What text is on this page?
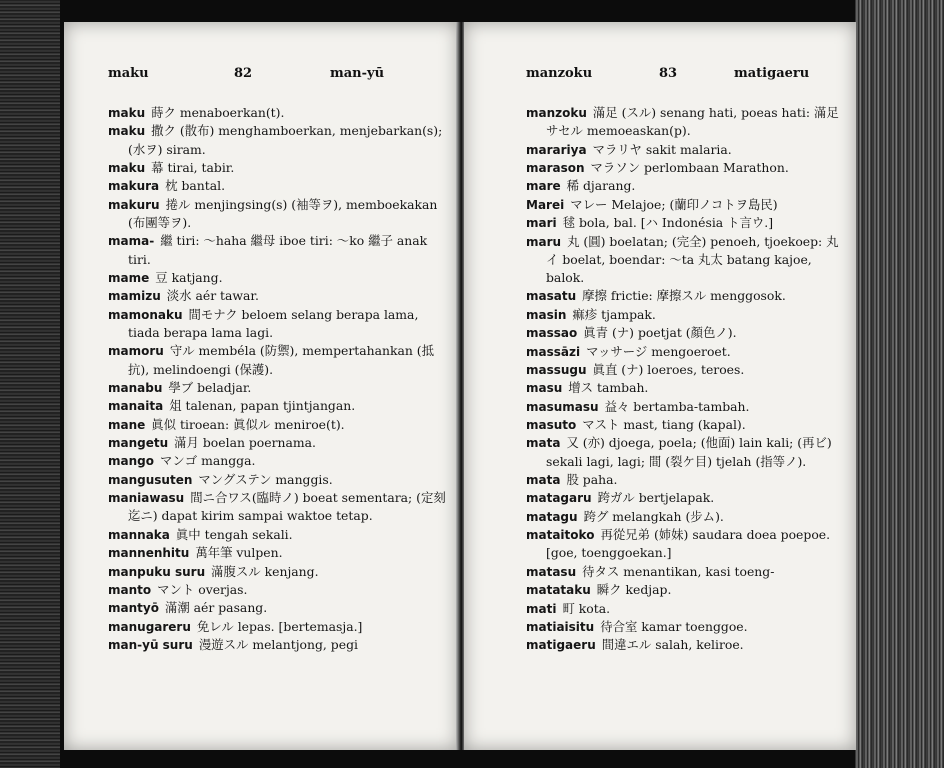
maku	82	man-yū
maku 蒔ク menaboerkan(t).
maku 撒ク (散布) menghamboerkan, menjebarkan(s); (水ヲ) siram.
maku 幕 tirai, tabir.
makura 枕 bantal.
makuru 捲ル menjingsing(s) (袖等ヲ), memboekakan (布團等ヲ).
mama- 繼 tiri: ～haha 繼母 iboe tiri: ～ko 繼子 anak tiri.
mame 豆 katjang.
mamizu 淡水 aér tawar.
mamonaku 間モナク beloem selang berapa lama, tiada berapa lama lagi.
mamoru 守ル membéla (防禦), mempertahankan (抵抗), melindoengi (保護).
manabu 學ブ beladjar.
manaita 俎 talenan, papan tjintjangan.
mane 眞似 tiroean: 眞似ル meniroe(t).
mangetu 滿月 boelan poernama.
mango マンゴ mangga.
mangusuten マングステン manggis.
maniawasu 間ニ合ワス(臨時ノ) boeat sementara; (定刻迄ニ) dapat kirim sampai waktoe tetap.
mannaka 眞中 tengah sekali.
mannenhitu 萬年筆 vulpen.
manpuku suru 滿腹スル kenjang.
manto マント overjas.
mantyō 滿潮 aér pasang.
manugareru 免レル lepas. [bertemasja.]
man-yū suru 漫遊スル melantjong, pegi
manzoku	83	matigaeru
manzoku 滿足 (スル) senang hati, poeas hati: 滿足サセル memoeaskan(p).
marariya マラリヤ sakit malaria.
marason マラソン perlombaan Marathon.
mare 稀 djarang.
Marei マレー Melajoe; (蘭印ノコトヲ島民)
mari 毬 bola, bal. [ハ Indonésia ト言ウ.]
maru 丸 (圓) boelatan; (完全) penoeh, tjoekoep: 丸イ boelat, boendar: ～ta 丸太 batang kajoe, balok.
masatu 摩擦 frictie: 摩擦スル menggosok.
masin 痲疹 tjampak.
massao 眞青 (ナ) poetjat (顏色ノ).
massāzi マッサージ mengoeroet.
massugu 眞直 (ナ) loeroes, teroes.
masu 增ス tambah.
masumasu 益々 bertamba-tambah.
masuto マスト mast, tiang (kapal).
mata 又 (亦) djoega, poela; (他面) lain kali; (再ビ) sekali lagi, lagi; 間 (裂ケ目) tjelah (指等ノ).
mata 股 paha.
matagaru 跨ガル bertjelapak.
matagu 跨グ melangkah (步ム).
mataitoko 再從兄弟 (姉妹) saudara doea poepoe. [goe, toenggoekan.]
matasu 待タス menantikan, kasi toeng-
matataku 瞬ク kedjap.
mati 町 kota.
matiaisitu 待合室 kamar toenggoe.
matigaeru 間違エル salah, keliroe.
